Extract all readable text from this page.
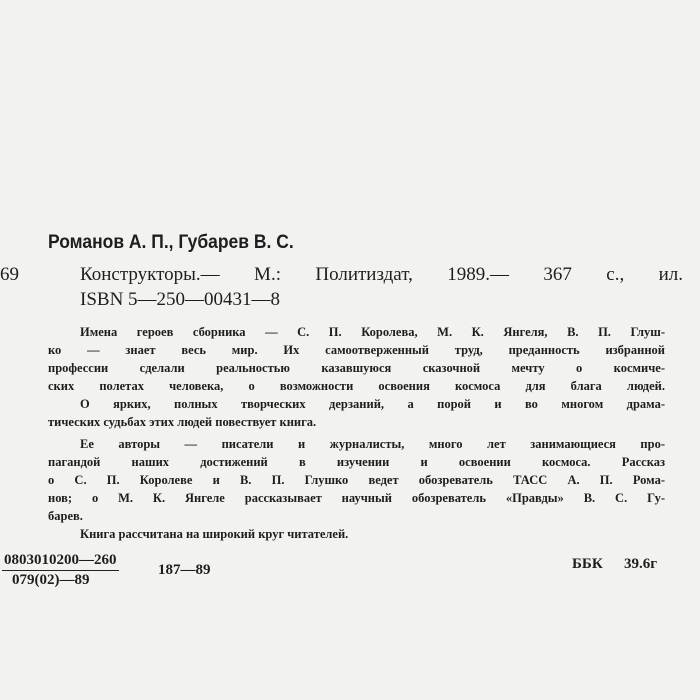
Романов А. П., Губарев В. С.
69	Конструкторы.— М.: Политиздат, 1989.— 367 с., ил.
ISBN 5—250—00431—8
Имена героев сборника — С. П. Королева, М. К. Янгеля, В. П. Глуш-
ко — знает весь мир. Их самоотверженный труд, преданность избранной
профессии сделали реальностью казавшуюся сказочной мечту о космиче-
ских полетах человека, о возможности освоения космоса для блага людей.
О ярких, полных творческих дерзаний, а порой и во многом драма-
тических судьбах этих людей повествует книга.
Ее авторы — писатели и журналисты, много лет занимающиеся про-
пагандой наших достижений в изучении и освоении космоса. Рассказ
о С. П. Королеве и В. П. Глушко ведет обозреватель ТАСС А. П. Рома-
нов; о М. К. Янгеле рассказывает научный обозреватель «Правды» В. С. Гу-
барев.
Книга рассчитана на широкий круг читателей.
$\frac{0803010200—260}{079(02)—89}$	187—89	ББК 39.6г
